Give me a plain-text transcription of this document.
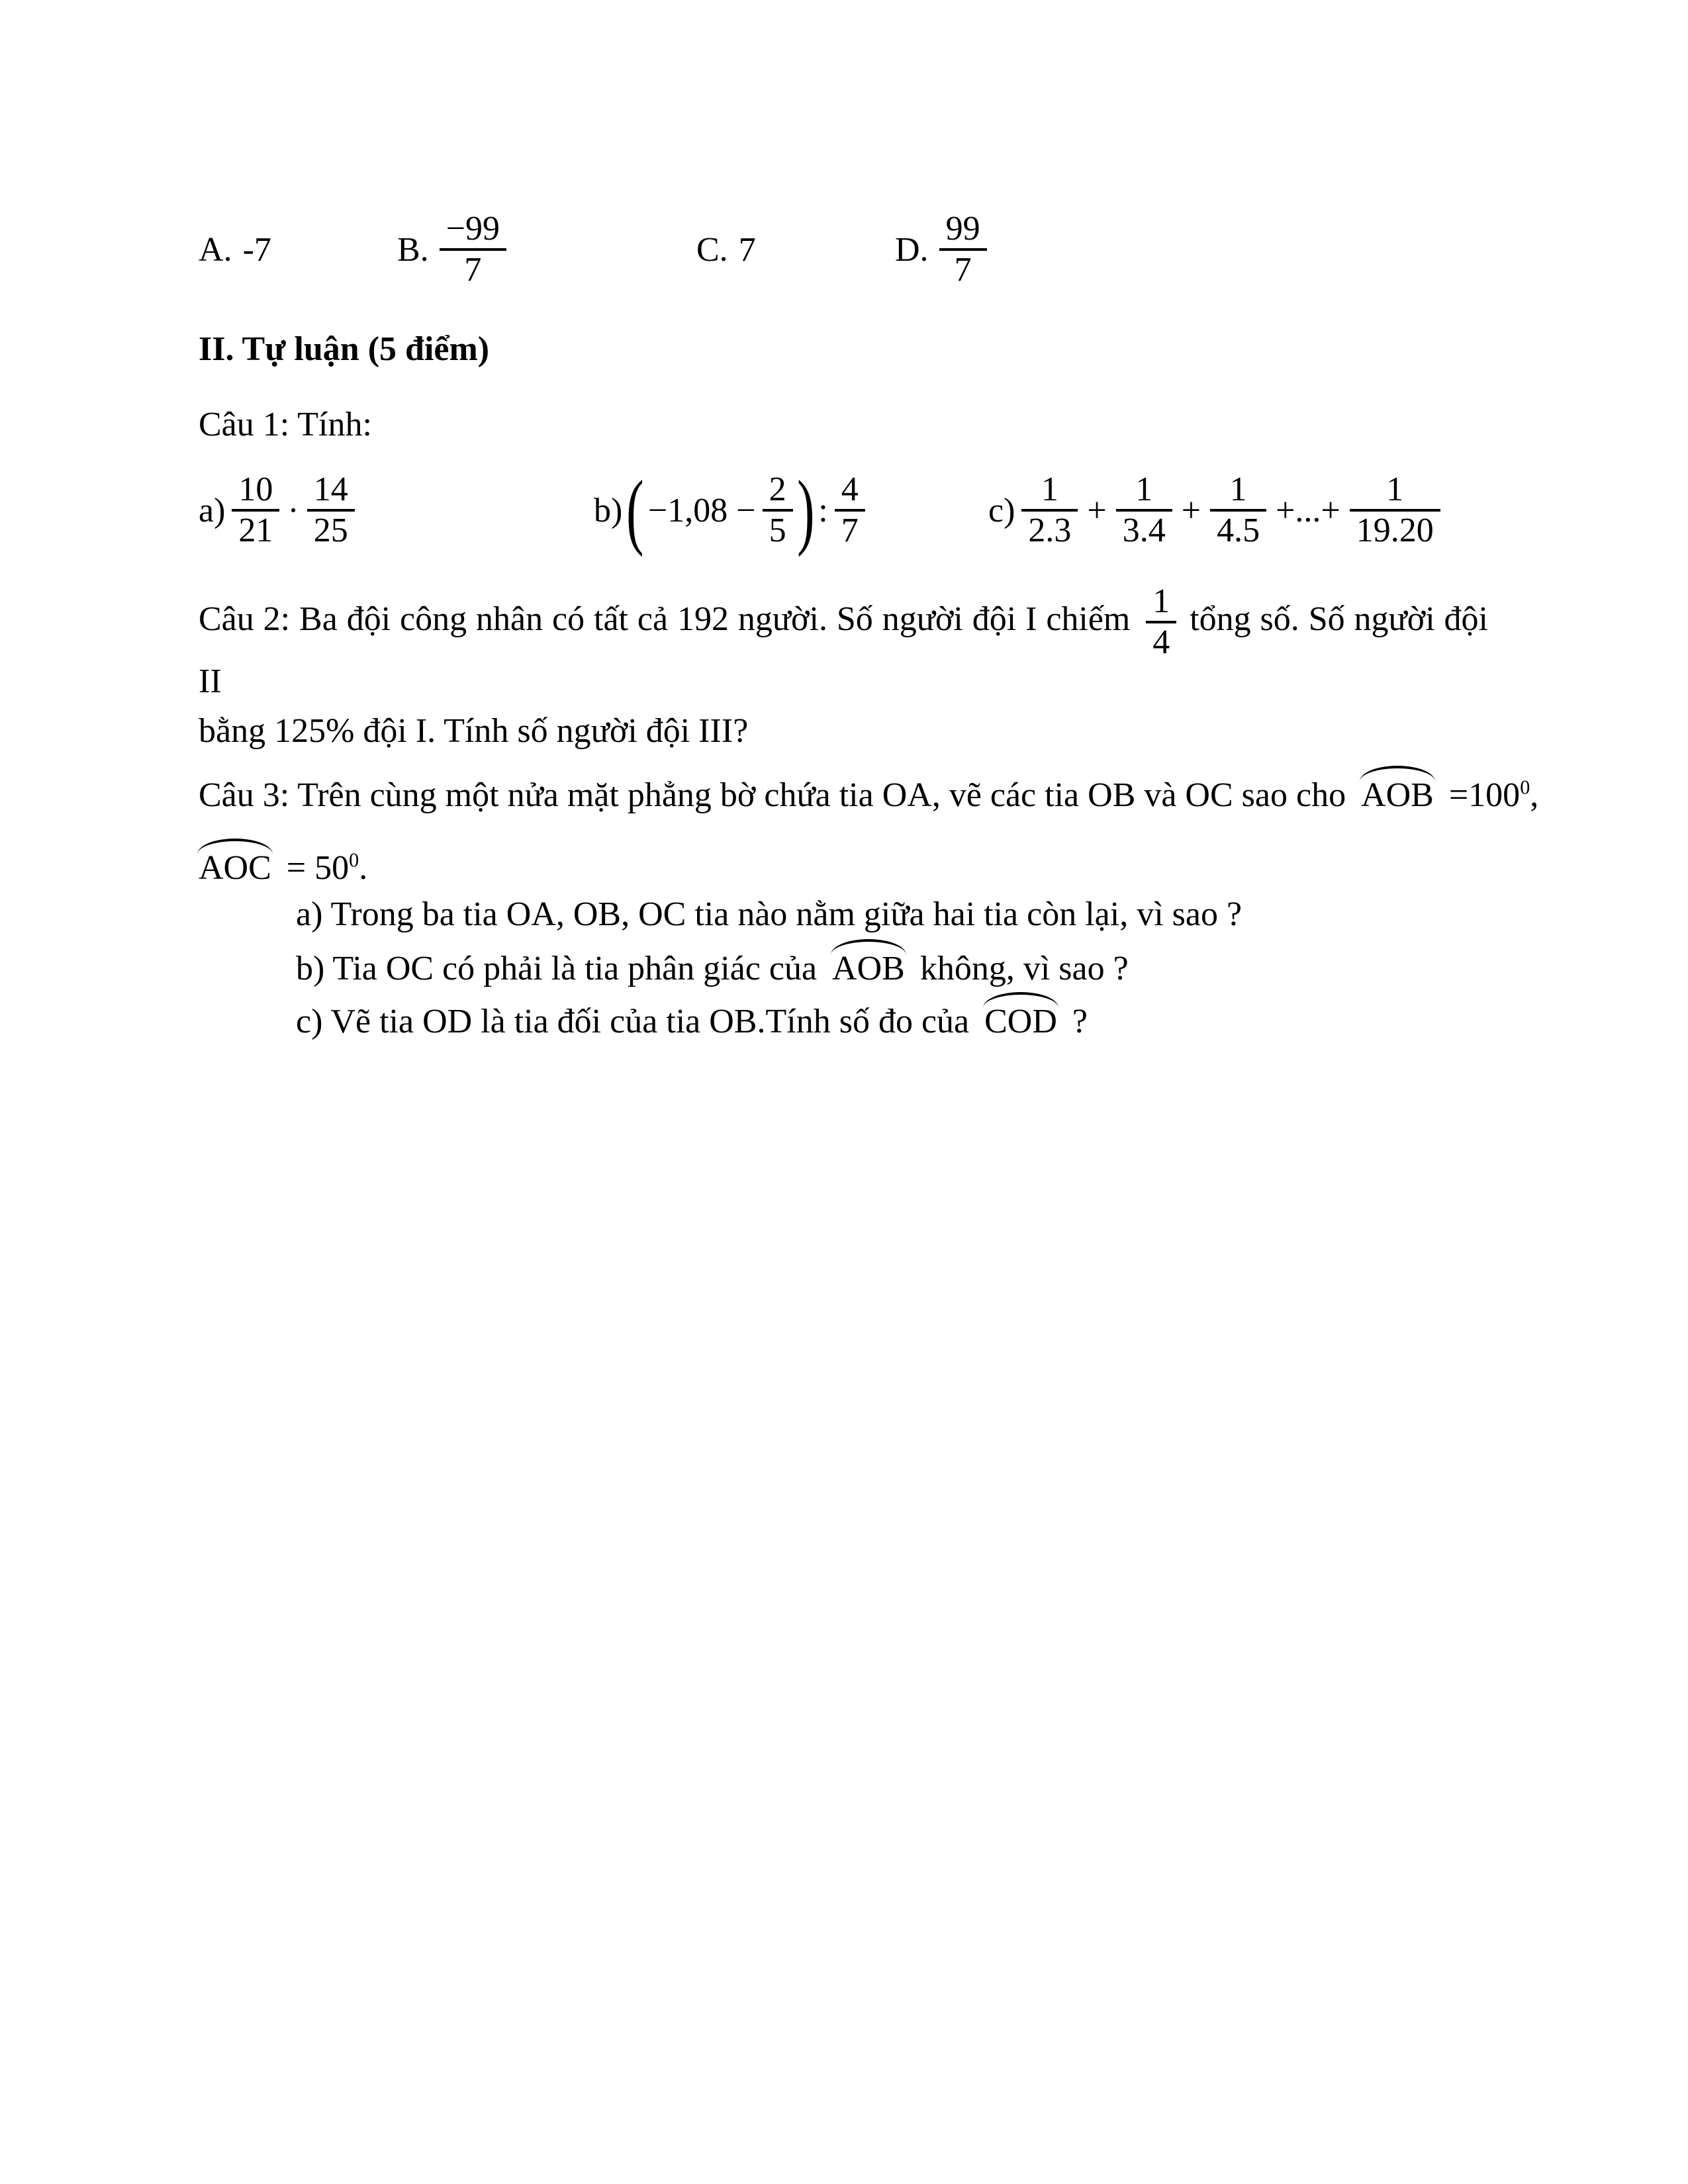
A. -7	B. $\frac{-99}{7}$	C. 7	D. $\frac{99}{7}$
II. Tự luận (5 điểm)
Câu 1: Tính:
$a) \frac{10}{21} \cdot \frac{14}{25}$	b) ( $-1,08 - \frac{2}{5}$ ) : $\frac{4}{7}$	$c) \frac{1}{2.3} + \frac{1}{3.4} + \frac{1}{4.5}$ +...+ $\frac{1}{19.20}$
Câu 2: Ba đội công nhân có tất cả 192 người. Số người đội I chiếm $\frac{1}{4}$ tổng số. Số người đội II
bằng 125% đội I. Tính số người đội III?
Câu 3: Trên cùng một nửa mặt phẳng bờ chứa tia OA, vẽ các tia OB và OC sao cho AOB $=100^0$,
AOC = $50^0$.
a) Trong ba tia OA, OB, OC tia nào nằm giữa hai tia còn lại, vì sao ?
b) Tia OC có phải là tia phân giác của AOB không, vì sao ?
c) Vẽ tia OD là tia đối của tia OB.Tính số đo của COD ?
